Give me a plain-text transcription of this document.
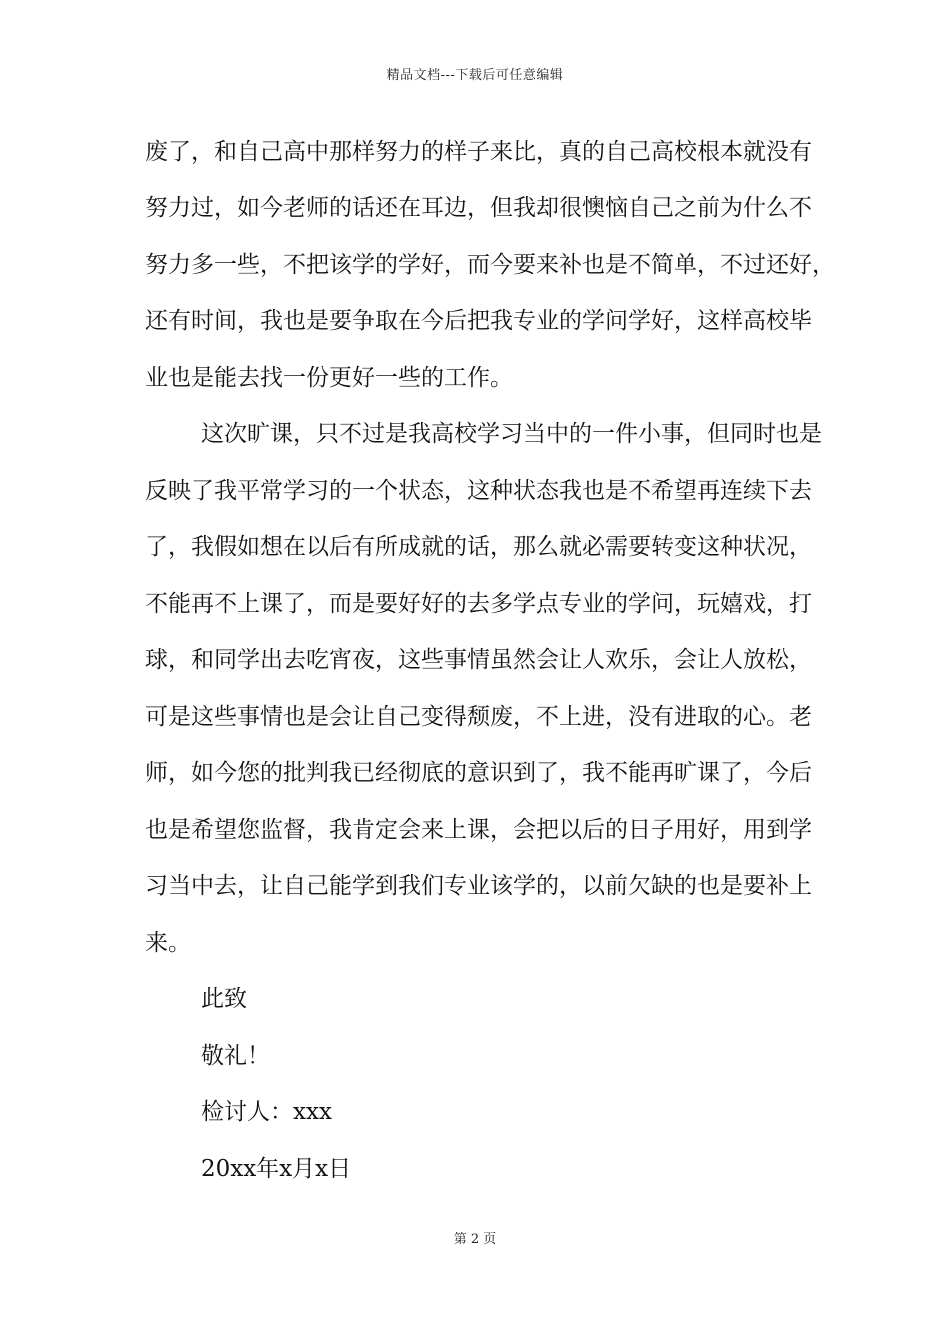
精品文档---下载后可任意编辑
废了，和自己高中那样努力的样子来比，真的自己高校根本就没有
努力过，如今老师的话还在耳边，但我却很懊恼自己之前为什么不
努力多一些，不把该学的学好，而今要来补也是不简单，不过还好，
还有时间，我也是要争取在今后把我专业的学问学好，这样高校毕
业也是能去找一份更好一些的工作。
这次旷课，只不过是我高校学习当中的一件小事，但同时也是
反映了我平常学习的一个状态，这种状态我也是不希望再连续下去
了，我假如想在以后有所成就的话，那么就必需要转变这种状况，
不能再不上课了，而是要好好的去多学点专业的学问，玩嬉戏，打
球，和同学出去吃宵夜，这些事情虽然会让人欢乐，会让人放松，
可是这些事情也是会让自己变得颓废，不上进，没有进取的心。老
师，如今您的批判我已经彻底的意识到了，我不能再旷课了，今后
也是希望您监督，我肯定会来上课，会把以后的日子用好，用到学
习当中去，让自己能学到我们专业该学的，以前欠缺的也是要补上
来。
此致
敬礼！
检讨人：xxx
20xx年x月x日
第 2 页
